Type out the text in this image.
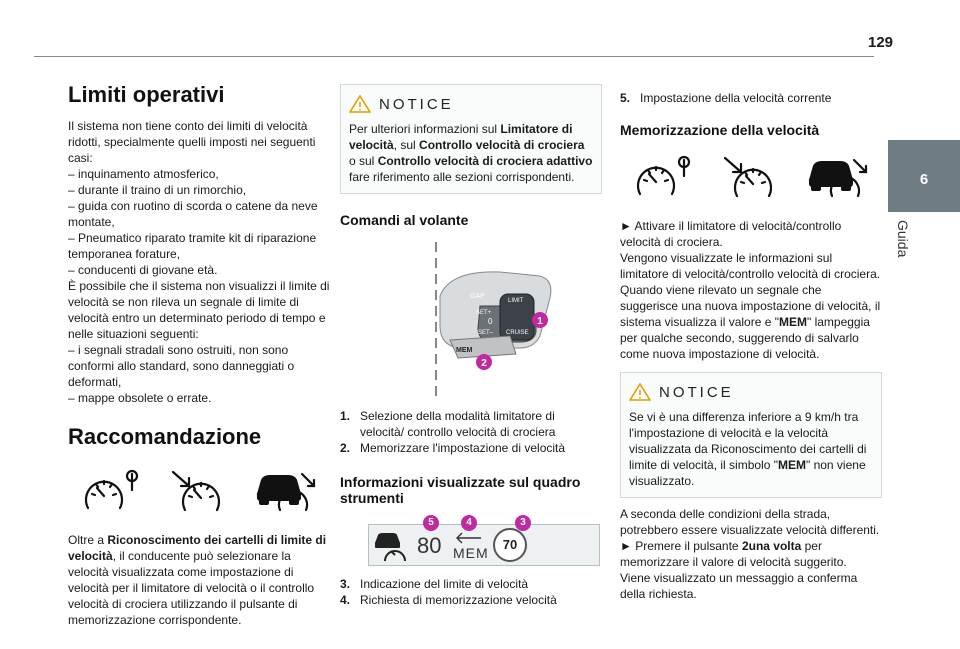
129
6
Guida
Limiti operativi
Il sistema non tiene conto dei limiti di velocità ridotti, specialmente quelli imposti nei seguenti casi:
– inquinamento atmosferico,
– durante il traino di un rimorchio,
– guida con ruotino di scorda o catene da neve montate,
– Pneumatico riparato tramite kit di riparazione temporanea forature,
– conducenti di giovane età.
È possibile che il sistema non visualizzi il limite di velocità se non rileva un segnale di limite di velocità entro un determinato periodo di tempo e nelle situazioni seguenti:
– i segnali stradali sono ostruiti, non sono conformi allo standard, sono danneggiati o deformati,
– mappe obsolete o errate.
Raccomandazione
Oltre a Riconoscimento dei cartelli di limite di velocità, il conducente può selezionare la velocità visualizzata come impostazione di velocità per il limitatore di velocità o il controllo velocità di crociera utilizzando il pulsante di memorizzazione corrispondente.
NOTICE
Per ulteriori informazioni sul Limitatore di velocità, sul Controllo velocità di crociera o sul Controllo velocità di crociera adattivo fare riferimento alle sezioni corrispondenti.
Comandi al volante
GAP
SET+
SET–
MEM
LIMIT
CRUISE
0	1
2
1. Selezione della modalità limitatore di velocità/ controllo velocità di crociera
2. Memorizzare l'impostazione di velocità
Informazioni visualizzate sul quadro strumenti
80 MEM
70
5	4	3
3. Indicazione del limite di velocità
4. Richiesta di memorizzazione velocità
5. Impostazione della velocità corrente
Memorizzazione della velocità
► Attivare il limitatore di velocità/controllo velocità di crociera.
Vengono visualizzate le informazioni sul limitatore di velocità/controllo velocità di crociera. Quando viene rilevato un segnale che suggerisce una nuova impostazione di velocità, il sistema visualizza il valore e "MEM" lampeggia per qualche secondo, suggerendo di salvarlo come nuova impostazione di velocità.
NOTICE
Se vi è una differenza inferiore a 9 km/h tra l'impostazione di velocità e la velocità visualizzata da Riconoscimento dei cartelli di limite di velocità, il simbolo "MEM" non viene visualizzato.
A seconda delle condizioni della strada, potrebbero essere visualizzate velocità differenti.
► Premere il pulsante 2una volta per memorizzare il valore di velocità suggerito.
Viene visualizzato un messaggio a conferma della richiesta.
